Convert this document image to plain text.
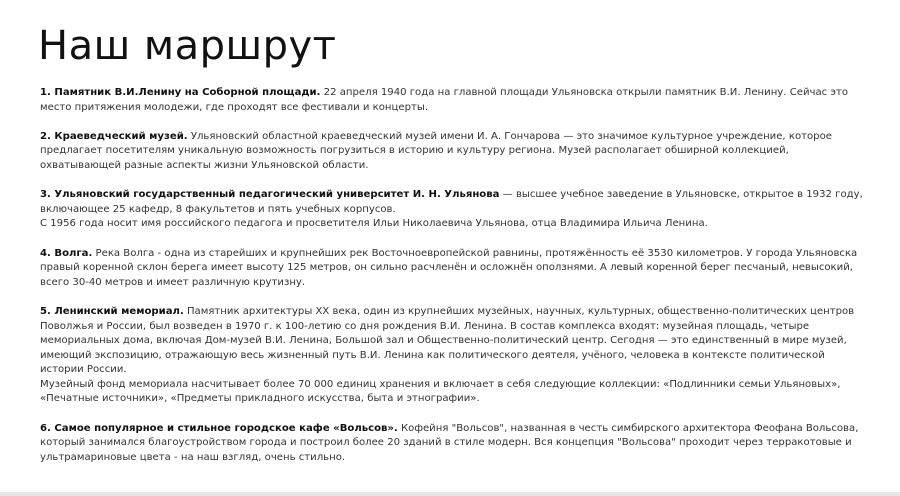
Наш маршрут

1. Памятник В.И.Ленину на Соборной площади. 22 апреля 1940 года на главной площади Ульяновска открыли памятник В.И. Ленину. Сейчас это место притяжения молодежи, где проходят все фестивали и концерты.

2. Краеведческий музей. Ульяновский областной краеведческий музей имени И. А. Гончарова — это значимое культурное учреждение, которое предлагает посетителям уникальную возможность погрузиться в историю и культуру региона. Музей располагает обширной коллекцией, охватывающей разные аспекты жизни Ульяновской области.

3. Ульяновский государственный педагогический университет И. Н. Ульянова — высшее учебное заведение в Ульяновске, открытое в 1932 году, включающее 25 кафедр, 8 факультетов и пять учебных корпусов.
С 1956 года носит имя российского педагога и просветителя Ильи Николаевича Ульянова, отца Владимира Ильича Ленина.

4. Волга. Река Волга - одна из старейших и крупнейших рек Восточноевропейской равнины, протяжённость её 3530 километров. У города Ульяновска правый коренной склон берега имеет высоту 125 метров, он сильно расчленён и осложнён оползнями. А левый коренной берег песчаный, невысокий, всего 30-40 метров и имеет различную крутизну.

5. Ленинский мемориал. Памятник архитектуры XX века, один из крупнейших музейных, научных, культурных, общественно-политических центров Поволжья и России, был возведен в 1970 г. к 100-летию со дня рождения В.И. Ленина. В состав комплекса входят: музейная площадь, четыре мемориальных дома, включая Дом-музей В.И. Ленина, Большой зал и Общественно-политический центр. Сегодня — это единственный в мире музей, имеющий экспозицию, отражающую весь жизненный путь В.И. Ленина как политического деятеля, учёного, человека в контексте политической истории России.
Музейный фонд мемориала насчитывает более 70 000 единиц хранения и включает в себя следующие коллекции: «Подлинники семьи Ульяновых», «Печатные источники», «Предметы прикладного искусства, быта и этнографии».

6. Самое популярное и стильное городское кафе «Вольсов». Кофейня "Вольсов", названная в честь симбирского архитектора Феофана Вольсова, который занимался благоустройством города и построил более 20 зданий в стиле модерн. Вся концепция "Вольсова" проходит через терракотовые и ультрамариновые цвета - на наш взгляд, очень стильно.
